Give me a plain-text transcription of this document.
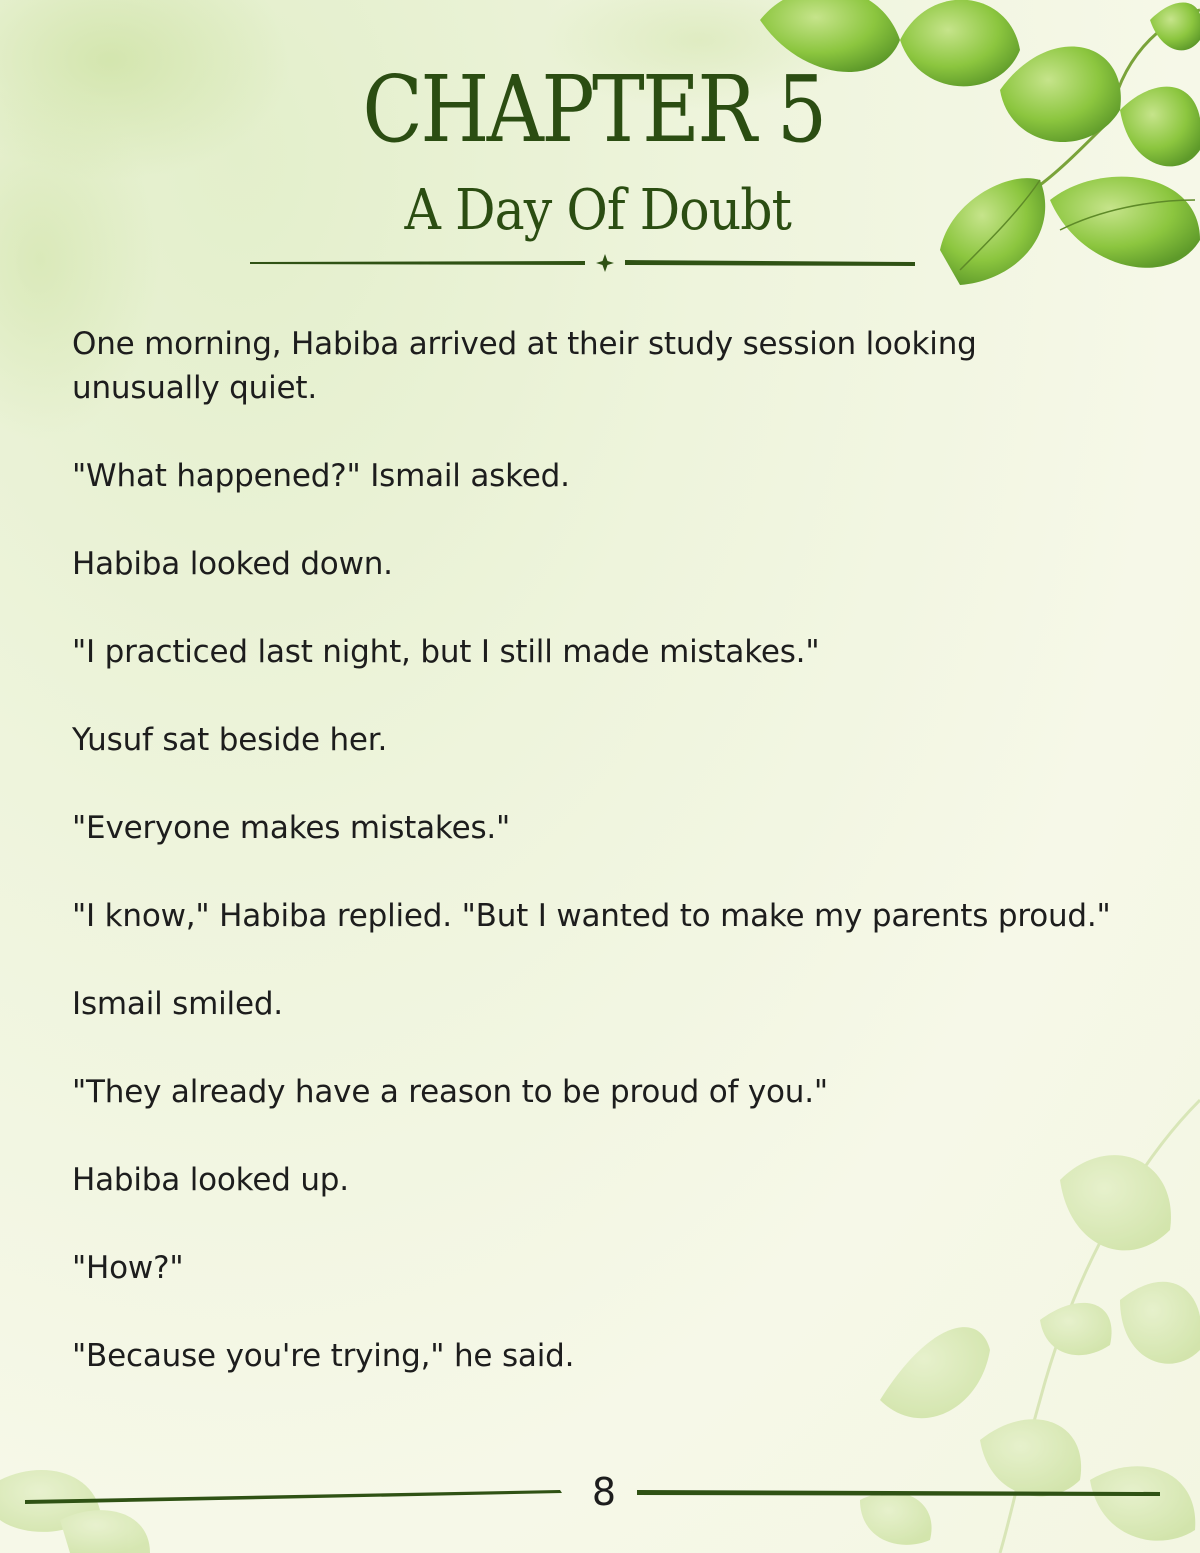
CHAPTER 5
A Day Of Doubt

One morning, Habiba arrived at their study session looking unusually quiet.

"What happened?" Ismail asked.

Habiba looked down.

"I practiced last night, but I still made mistakes."

Yusuf sat beside her.

"Everyone makes mistakes."

"I know," Habiba replied. "But I wanted to make my parents proud."

Ismail smiled.

"They already have a reason to be proud of you."

Habiba looked up.

"How?"

"Because you're trying," he said.

8
